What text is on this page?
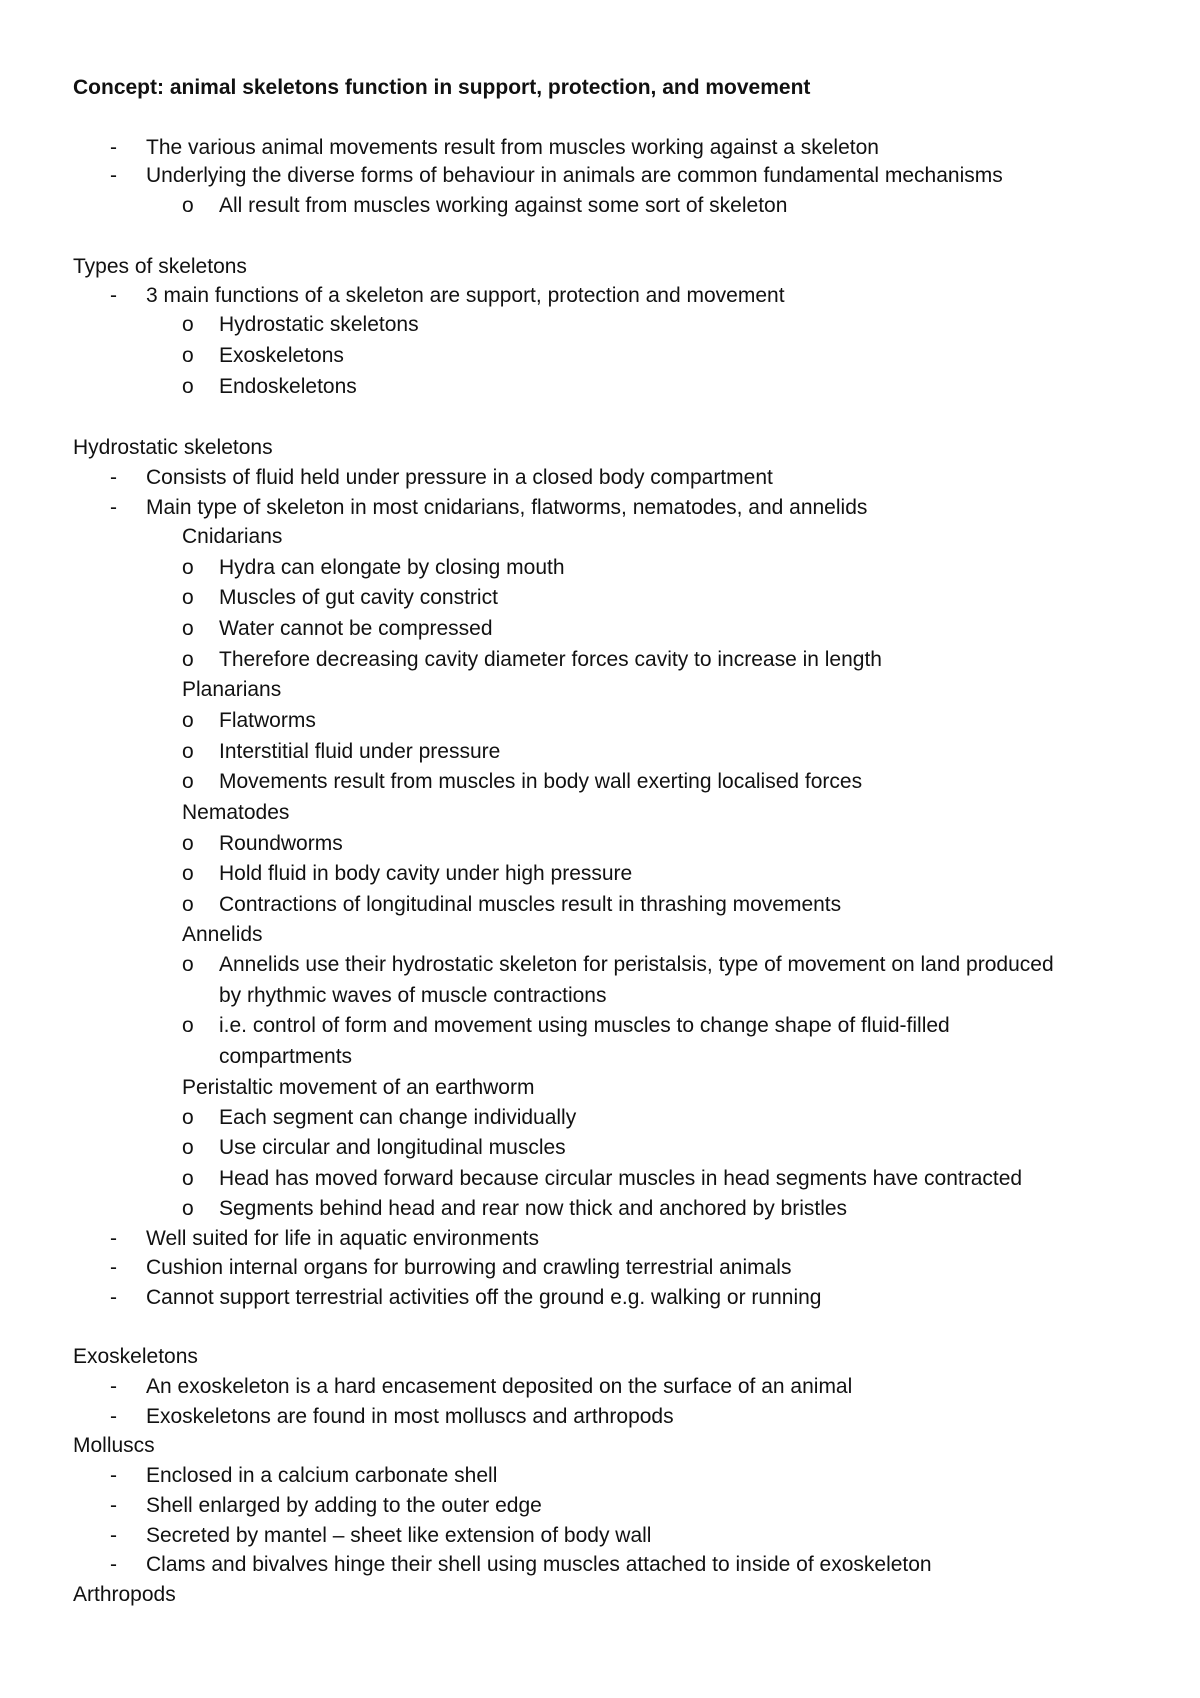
Concept: animal skeletons function in support, protection, and movement
-	The various animal movements result from muscles working against a skeleton
-	Underlying the diverse forms of behaviour in animals are common fundamental mechanisms
o	All result from muscles working against some sort of skeleton
Types of skeletons
-	3 main functions of a skeleton are support, protection and movement
o	Hydrostatic skeletons
o	Exoskeletons
o	Endoskeletons
Hydrostatic skeletons
-	Consists of fluid held under pressure in a closed body compartment
-	Main type of skeleton in most cnidarians, flatworms, nematodes, and annelids
Cnidarians
o	Hydra can elongate by closing mouth
o	Muscles of gut cavity constrict
o	Water cannot be compressed
o	Therefore decreasing cavity diameter forces cavity to increase in length
Planarians
o	Flatworms
o	Interstitial fluid under pressure
o	Movements result from muscles in body wall exerting localised forces
Nematodes
o	Roundworms
o	Hold fluid in body cavity under high pressure
o	Contractions of longitudinal muscles result in thrashing movements
Annelids
o	Annelids use their hydrostatic skeleton for peristalsis, type of movement on land produced
by rhythmic waves of muscle contractions
o	i.e. control of form and movement using muscles to change shape of fluid-filled
compartments
Peristaltic movement of an earthworm
o	Each segment can change individually
o	Use circular and longitudinal muscles
o	Head has moved forward because circular muscles in head segments have contracted
o	Segments behind head and rear now thick and anchored by bristles
-	Well suited for life in aquatic environments
-	Cushion internal organs for burrowing and crawling terrestrial animals
-	Cannot support terrestrial activities off the ground e.g. walking or running
Exoskeletons
-	An exoskeleton is a hard encasement deposited on the surface of an animal
-	Exoskeletons are found in most molluscs and arthropods
Molluscs
-	Enclosed in a calcium carbonate shell
-	Shell enlarged by adding to the outer edge
-	Secreted by mantel – sheet like extension of body wall
-	Clams and bivalves hinge their shell using muscles attached to inside of exoskeleton
Arthropods
